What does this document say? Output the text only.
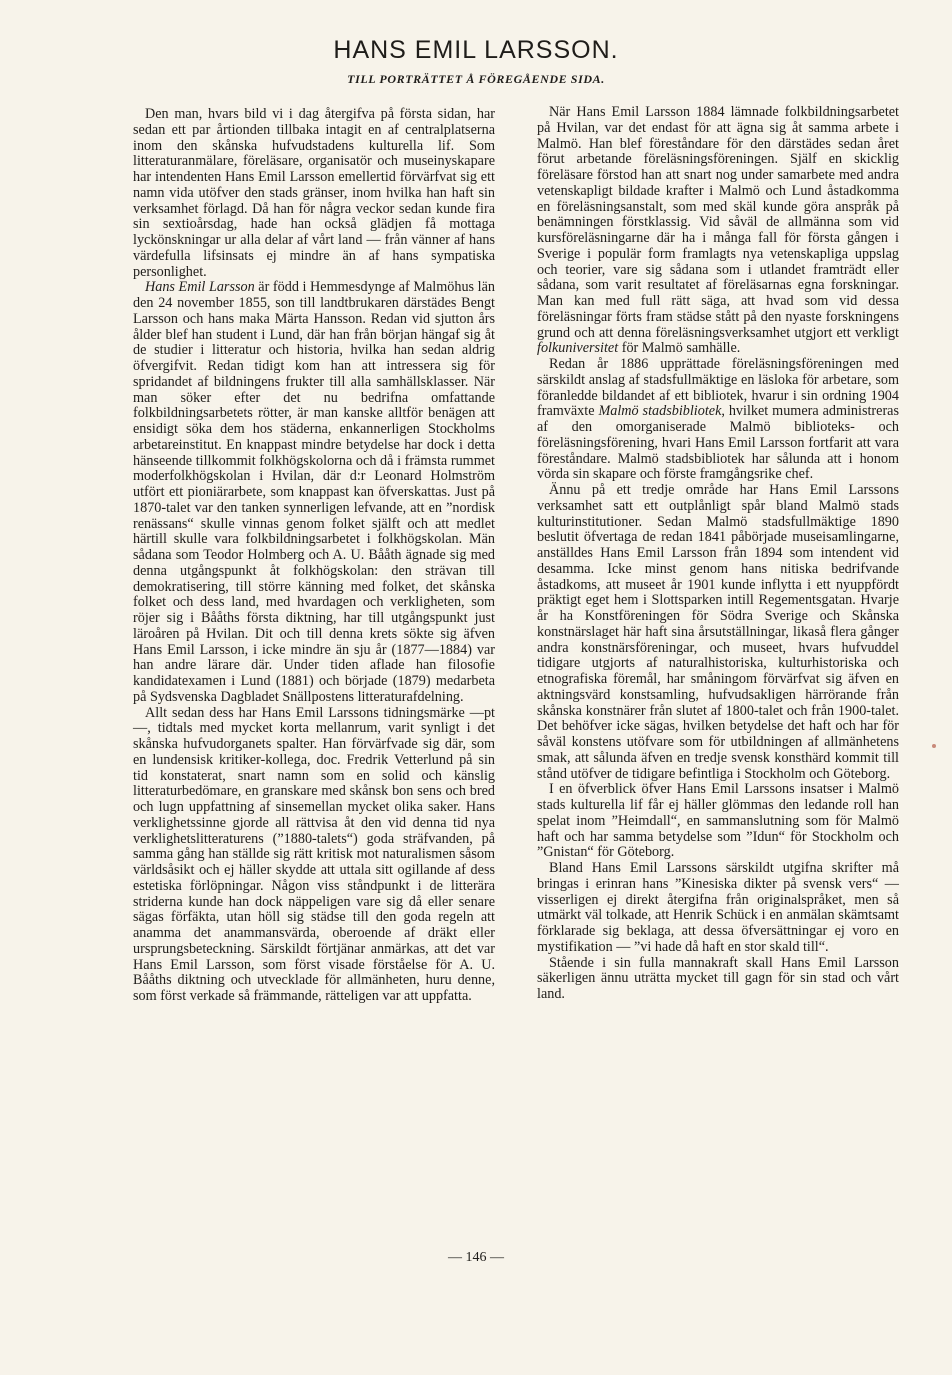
HANS EMIL LARSSON.
TILL PORTRÄTTET Å FÖREGÅENDE SIDA.

Den man, hvars bild vi i dag återgifva på första sidan, har sedan ett par årtionden tillbaka intagit en af centralplatserna inom den skånska hufvudstadens kulturella lif. Som litteraturanmälare, föreläsare, organisatör och museinyskapare har intendenten Hans Emil Larsson emellertid förvärfvat sig ett namn vida utöfver den stads gränser, inom hvilka han haft sin verksamhet förlagd. Då han för några veckor sedan kunde fira sin sextioårsdag, hade han också glädjen få mottaga lyckönskningar ur alla delar af vårt land — från vänner af hans värdefulla lifsinsats ej mindre än af hans sympatiska personlighet.

Hans Emil Larsson är född i Hemmesdynge af Malmöhus län den 24 november 1855, son till landtbrukaren därstädes Bengt Larsson och hans maka Märta Hansson. Redan vid sjutton års ålder blef han student i Lund, där han från början hängaf sig åt de studier i litteratur och historia, hvilka han sedan aldrig öfvergifvit. Redan tidigt kom han att intressera sig för spridandet af bildningens frukter till alla samhällsklasser. När man söker efter det nu bedrifna omfattande folkbildningsarbetets rötter, är man kanske alltför benägen att ensidigt söka dem hos städerna, enkannerligen Stockholms arbetareinstitut. En knappast mindre betydelse har dock i detta hänseende tillkommit folkhögskolorna och då i främsta rummet moderfolkhögskolan i Hvilan, där d:r Leonard Holmström utfört ett pioniärarbete, som knappast kan öfverskattas. Just på 1870-talet var den tanken synnerligen lefvande, att en ”nordisk renässans“ skulle vinnas genom folket själft och att medlet härtill skulle vara folkbildningsarbetet i folkhögskolan. Män sådana som Teodor Holmberg och A. U. Bååth ägnade sig med denna utgångspunkt åt folkhögskolan: den strävan till demokratisering, till större känning med folket, det skånska folket och dess land, med hvardagen och verkligheten, som röjer sig i Bååths första diktning, har till utgångspunkt just läroåren på Hvilan. Dit och till denna krets sökte sig äfven Hans Emil Larsson, i icke mindre än sju år (1877—1884) var han andre lärare där. Under tiden aflade han filosofie kandidatexamen i Lund (1881) och började (1879) medarbeta på Sydsvenska Dagbladet Snällpostens litteraturafdelning.

Allt sedan dess har Hans Emil Larssons tidningsmärke —pt—, tidtals med mycket korta mellanrum, varit synligt i det skånska hufvudorganets spalter. Han förvärfvade sig där, som en lundensisk kritiker-kollega, doc. Fredrik Vetterlund på sin tid konstaterat, snart namn som en solid och känslig litteraturbedömare, en granskare med skånsk bon sens och bred och lugn uppfattning af sinsemellan mycket olika saker. Hans verklighetssinne gjorde all rättvisa åt den vid denna tid nya verklighetslitteraturens (”1880-talets“) goda sträfvanden, på samma gång han ställde sig rätt kritisk mot naturalismen såsom världsåsikt och ej häller skydde att uttala sitt ogillande af dess estetiska förlöpningar. Någon viss ståndpunkt i de litterära striderna kunde han dock näppeligen vare sig då eller senare sägas förfäkta, utan höll sig städse till den goda regeln att anamma det anammansvärda, oberoende af dräkt eller ursprungsbeteckning. Särskildt förtjänar anmärkas, att det var Hans Emil Larsson, som först visade förståelse för A. U. Bååths diktning och utvecklade för allmänheten, huru denne, som först verkade så främmande, rätteligen var att uppfatta.

När Hans Emil Larsson 1884 lämnade folkbildningsarbetet på Hvilan, var det endast för att ägna sig åt samma arbete i Malmö. Han blef föreståndare för den därstädes sedan året förut arbetande föreläsningsföreningen. Själf en skicklig föreläsare förstod han att snart nog under samarbete med andra vetenskapligt bildade krafter i Malmö och Lund åstadkomma en föreläsningsanstalt, som med skäl kunde göra anspråk på benämningen förstklassig. Vid såväl de allmänna som vid kursföreläsningarne där ha i många fall för första gången i Sverige i populär form framlagts nya vetenskapliga uppslag och teorier, vare sig sådana som i utlandet framträdt eller sådana, som varit resultatet af föreläsarnas egna forskningar. Man kan med full rätt säga, att hvad som vid dessa föreläsningar förts fram städse stått på den nyaste forskningens grund och att denna föreläsningsverksamhet utgjort ett verkligt folkuniversitet för Malmö samhälle.

Redan år 1886 upprättade föreläsningsföreningen med särskildt anslag af stadsfullmäktige en läsloka för arbetare, som föranledde bildandet af ett bibliotek, hvarur i sin ordning 1904 framväxte Malmö stadsbibliotek, hvilket mumera administreras af den omorganiserade Malmö biblioteks- och föreläsningsförening, hvari Hans Emil Larsson fortfarit att vara föreståndare. Malmö stadsbibliotek har sålunda att i honom vörda sin skapare och förste framgångsrike chef.

Ännu på ett tredje område har Hans Emil Larssons verksamhet satt ett outplånligt spår bland Malmö stads kulturinstitutioner. Sedan Malmö stadsfullmäktige 1890 beslutit öfvertaga de redan 1841 påbörjade museisamlingarne, anställdes Hans Emil Larsson från 1894 som intendent vid desamma. Icke minst genom hans nitiska bedrifvande åstadkoms, att museet år 1901 kunde inflytta i ett nyuppfördt präktigt eget hem i Slottsparken intill Regementsgatan. Hvarje år ha Konstföreningen för Södra Sverige och Skånska konstnärslaget här haft sina årsutställningar, likaså flera gånger andra konstnärsföreningar, och museet, hvars hufvuddel tidigare utgjorts af naturalhistoriska, kulturhistoriska och etnografiska föremål, har småningom förvärfvat sig äfven en aktningsvärd konstsamling, hufvudsakligen härrörande från skånska konstnärer från slutet af 1800-talet och från 1900-talet. Det behöfver icke sägas, hvilken betydelse det haft och har för såväl konstens utöfvare som för utbildningen af allmänhetens smak, att sålunda äfven en tredje svensk konsthärd kommit till stånd utöfver de tidigare befintliga i Stockholm och Göteborg.

I en öfverblick öfver Hans Emil Larssons insatser i Malmö stads kulturella lif får ej häller glömmas den ledande roll han spelat inom ”Heimdall“, en sammanslutning som för Malmö haft och har samma betydelse som ”Idun“ för Stockholm och ”Gnistan“ för Göteborg.

Bland Hans Emil Larssons särskildt utgifna skrifter må bringas i erinran hans ”Kinesiska dikter på svensk vers“ — visserligen ej direkt återgifna från originalspråket, men så utmärkt väl tolkade, att Henrik Schück i en anmälan skämtsamt förklarade sig beklaga, att dessa öfversättningar ej voro en mystifikation — ”vi hade då haft en stor skald till“.

Stående i sin fulla mannakraft skall Hans Emil Larsson säkerligen ännu uträtta mycket till gagn för sin stad och vårt land.

— 146 —
